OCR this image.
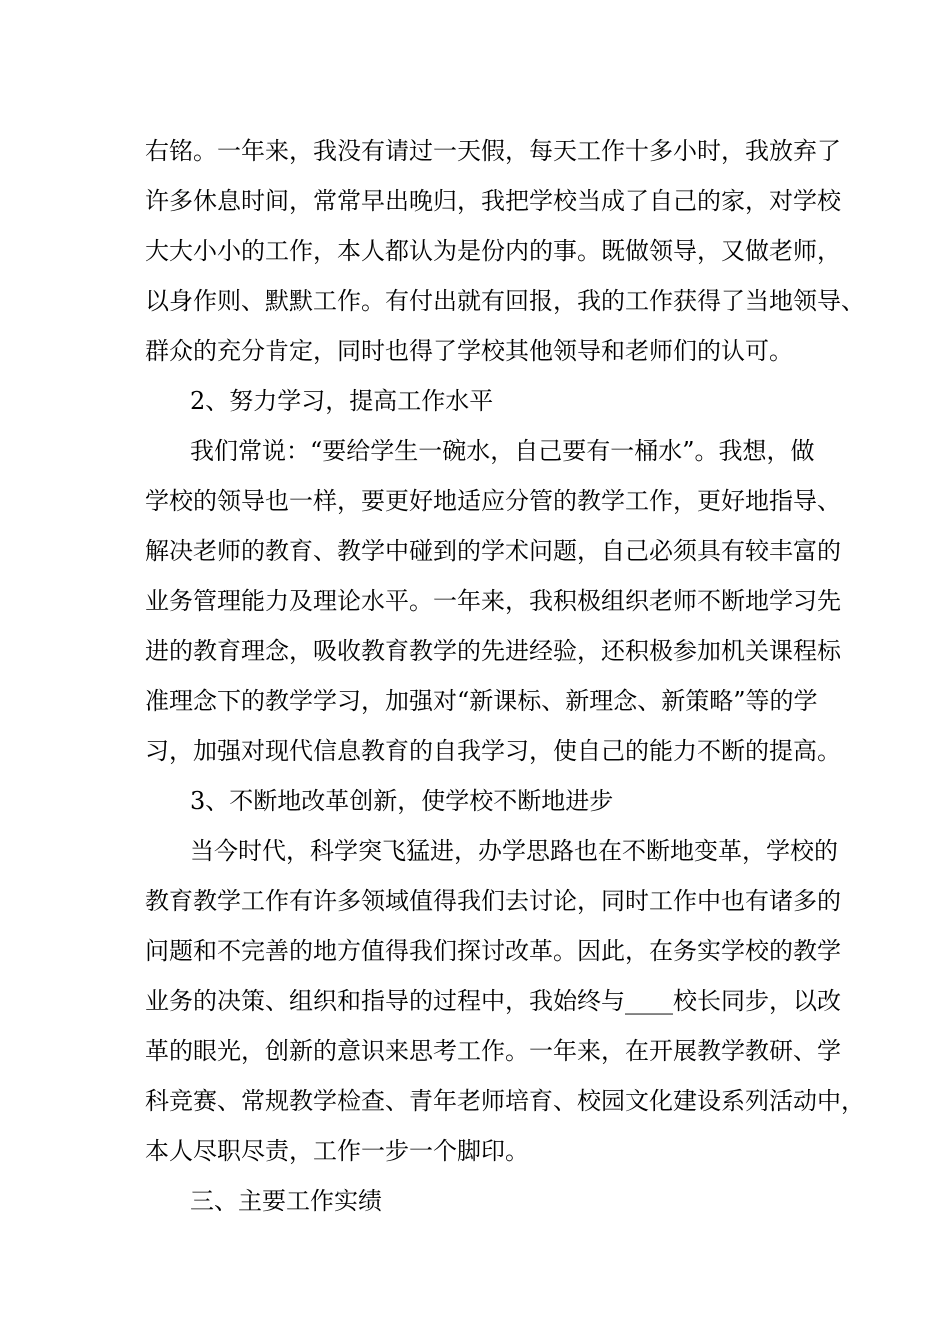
右铭。一年来，我没有请过一天假，每天工作十多小时，我放弃了
许多休息时间，常常早出晚归，我把学校当成了自己的家，对学校
大大小小的工作，本人都认为是份内的事。既做领导，又做老师，
以身作则、默默工作。有付出就有回报，我的工作获得了当地领导、
群众的充分肯定，同时也得了学校其他领导和老师们的认可。
2、努力学习，提高工作水平
我们常说：“要给学生一碗水，自己要有一桶水”。我想，做
学校的领导也一样，要更好地适应分管的教学工作，更好地指导、
解决老师的教育、教学中碰到的学术问题，自己必须具有较丰富的
业务管理能力及理论水平。一年来，我积极组织老师不断地学习先
进的教育理念，吸收教育教学的先进经验，还积极参加机关课程标
准理念下的教学学习，加强对“新课标、新理念、新策略”等的学
习，加强对现代信息教育的自我学习，使自己的能力不断的提高。
3、不断地改革创新，使学校不断地进步
当今时代，科学突飞猛进，办学思路也在不断地变革，学校的
教育教学工作有许多领域值得我们去讨论，同时工作中也有诸多的
问题和不完善的地方值得我们探讨改革。因此，在务实学校的教学
业务的决策、组织和指导的过程中，我始终与____校长同步，以改
革的眼光，创新的意识来思考工作。一年来，在开展教学教研、学
科竞赛、常规教学检查、青年老师培育、校园文化建设系列活动中，
本人尽职尽责，工作一步一个脚印。
三、主要工作实绩
